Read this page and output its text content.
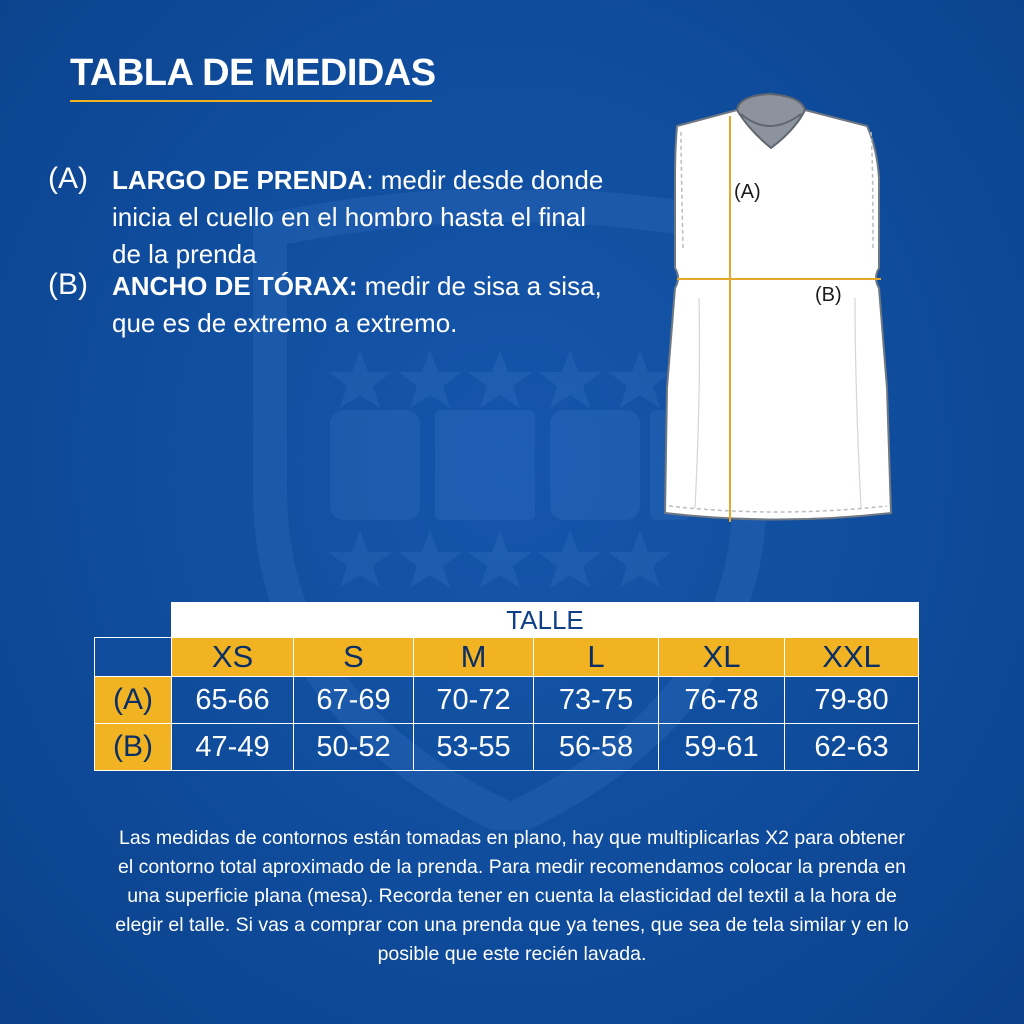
TABLA DE MEDIDAS
(A) LARGO DE PRENDA: medir desde donde inicia el cuello en el hombro hasta el final de la prenda
(B) ANCHO DE TÓRAX: medir de sisa a sisa, que es de extremo a extremo.
(A)
(B)
	TALLE					
	XS	S	M	L	XL	XXL
(A)	65-66	67-69	70-72	73-75	76-78	79-80
(B)	47-49	50-52	53-55	56-58	59-61	62-63

Las medidas de contornos están tomadas en plano, hay que multiplicarlas X2 para obtener el contorno total aproximado de la prenda. Para medir recomendamos colocar la prenda en una superficie plana (mesa). Recorda tener en cuenta la elasticidad del textil a la hora de elegir el talle. Si vas a comprar con una prenda que ya tenes, que sea de tela similar y en lo posible que este recién lavada.
